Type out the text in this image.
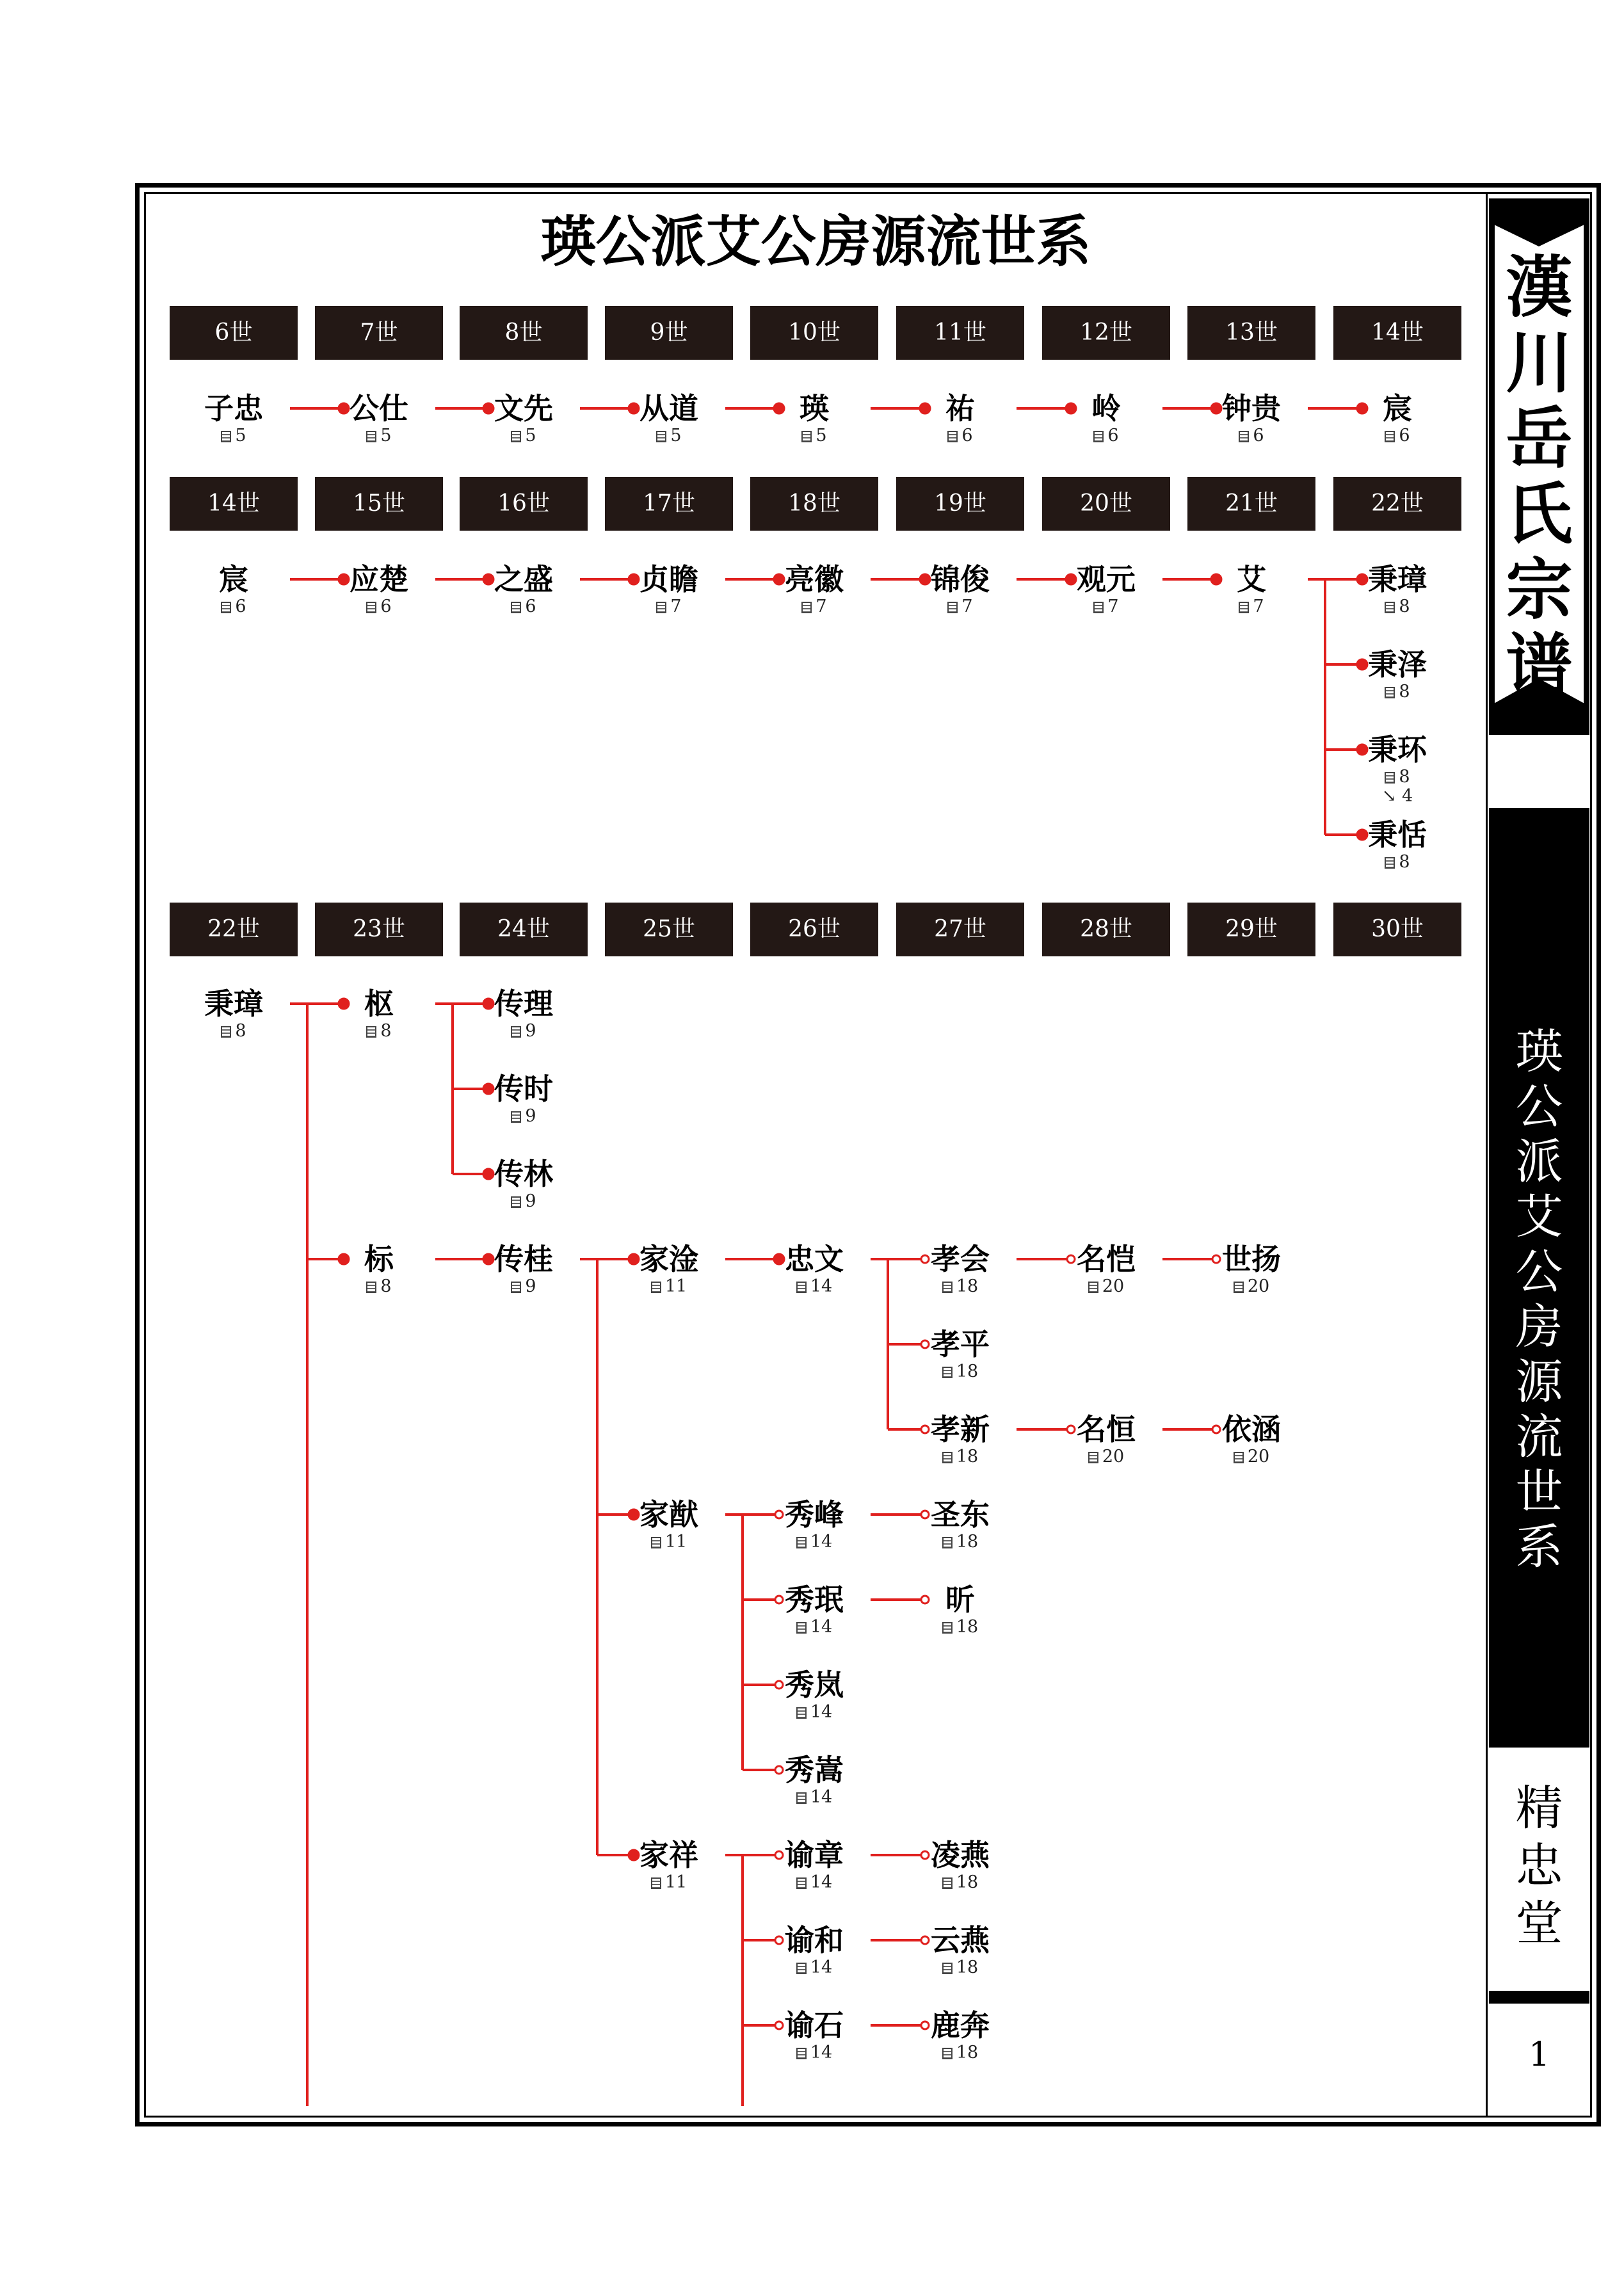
瑛公派艾公房源流世系
6世	7世	8世	9世	10世	11世	12世	13世	14世
14世	15世	16世	17世	18世	19世	20世	21世	22世
22世	23世	24世	25世	26世	27世	28世	29世	30世
子忠
5
公仕
5
文先
5
从道
5
瑛
5
祐
6
岭
6
钟贵
6
宸
6
宸
6
应楚
6
之盛
6
贞瞻
7
亮徽
7
锦俊
7
观元
7
艾
7
秉璋
8
秉泽
8
秉环
8
↘ 4
秉恬
8
秉璋
8
枢
8
传理
9
传时
9
传林
9
标
8
传桂
9
家淦
11
忠文
14
孝会
18
名恺
20
世扬
20
孝平
18
孝新
18
名恒
20
依涵
20
家猷
11
秀峰
14
圣东
18
秀珉
14
昕
18
秀岚
14
秀嵩
14
家祥
11
谕章
14
凌燕
18
谕和
14
云燕
18
谕石
14
鹿奔
18
漢川岳氏宗谱
瑛公派艾公房源流世系
精忠堂
1
